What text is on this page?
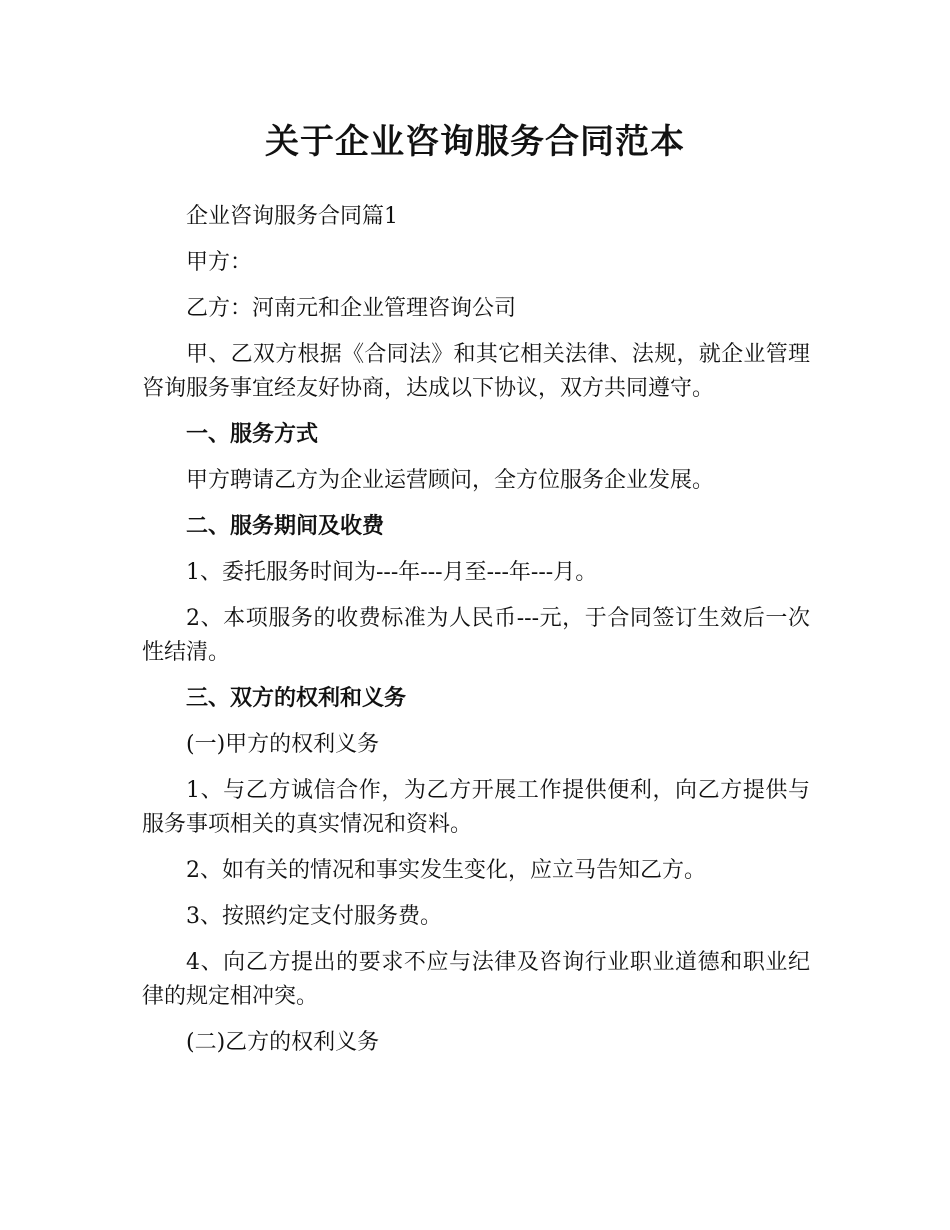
关于企业咨询服务合同范本

企业咨询服务合同篇1

甲方：

乙方：河南元和企业管理咨询公司

甲、乙双方根据《合同法》和其它相关法律、法规，就企业管理咨询服务事宜经友好协商，达成以下协议，双方共同遵守。

一、服务方式

甲方聘请乙方为企业运营顾问，全方位服务企业发展。

二、服务期间及收费

1、委托服务时间为---年---月至---年---月。

2、本项服务的收费标准为人民币---元，于合同签订生效后一次性结清。

三、双方的权利和义务

(一)甲方的权利义务

1、与乙方诚信合作，为乙方开展工作提供便利，向乙方提供与服务事项相关的真实情况和资料。

2、如有关的情况和事实发生变化，应立马告知乙方。

3、按照约定支付服务费。

4、向乙方提出的要求不应与法律及咨询行业职业道德和职业纪律的规定相冲突。

(二)乙方的权利义务
